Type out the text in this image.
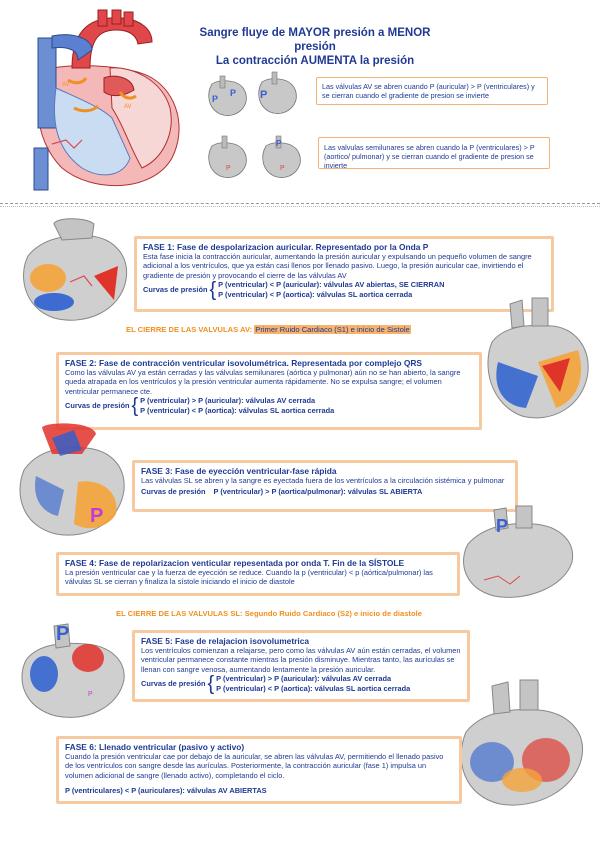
Sangre fluye de MAYOR presión a MENOR presión
La contracción AUMENTA la presión
AV
AV
P
P P
P
P
P
Las válvulas AV se abren cuando P (auricular) > P (ventriculares) y se cierran cuando el gradiente de presion se invierte
Las valvulas semilunares se abren cuando la P (ventriculares) > P (aortico/ pulmonar) y se cierran cuando el gradiente de presion se invierte
FASE 1: Fase de despolarizacion auricular. Representado por la Onda P
Esta fase inicia la contracción auricular, aumentando la presión auricular y expulsando un pequeño volumen de sangre adicional a los ventrículos, que ya están casi llenos por llenado pasivo. Luego, la presión auricular cae, invirtiendo el gradiente de presión y provocando el cierre de las válvulas AV
Curvas de presión { P (ventricular) < P (auricular): válvulas AV abiertas, SE CIERRAN
P (ventricular) < P (aortica): válvulas SL aortica cerrada
EL CIERRE DE LAS VALVULAS AV: Primer Ruido Cardiaco (S1) e inicio de Sistole
FASE 2: Fase de contracción ventricular isovolumétrica. Representada por complejo QRS
Como las válvulas AV ya están cerradas y las válvulas semilunares (aórtica y pulmonar) aún no se han abierto, la sangre queda atrapada en los ventrículos y la presión ventricular aumenta rápidamente. No se expulsa sangre; el volumen ventricular permanece cte.
Curvas de presión { P (ventricular) > P (auricular): válvulas AV cerrada
P (ventricular) < P (aortica): válvulas SL aortica cerrada
P
FASE 3: Fase de eyección ventricular-fase rápida
Las válvulas SL se abren y la sangre es eyectada fuera de los ventrículos a la circulación sistémica y pulmonar
Curvas de presión P (ventricular) > P (aortica/pulmonar): válvulas SL ABIERTA
P
FASE 4: Fase de repolarizacion venticular repesentada por onda T. Fin de la SÍSTOLE
La presión ventricular cae y la fuerza de eyección se reduce. Cuando la p (ventricular) < p (aórtica/pulmonar) las válvulas SL se cierran y finaliza la sístole iniciando el inicio de diastole
EL CIERRE DE LAS VALVULAS SL: Segundo Ruido Cardiaco (S2) e inicio de diastole
P
P
FASE 5: Fase de relajacion isovolumetrica
Los ventrículos comienzan a relajarse, pero como las válvulas AV aún están cerradas, el volumen ventricular permanece constante mientras la presión disminuye. Mientras tanto, las aurículas se llenan con sangre venosa, aumentando lentamente la presión auricular.
Curvas de presión { P (ventricular) > P (auricular): válvulas AV cerrada
P (ventricular) < P (aortica): válvulas SL aortica cerrada
FASE 6: Llenado ventricular (pasivo y activo)
Cuando la presión ventricular cae por debajo de la auricular, se abren las válvulas AV, permitiendo el llenado pasivo de los ventrículos con sangre desde las aurículas. Posteriormente, la contracción auricular (fase 1) impulsa un volumen adicional de sangre (llenado activo), completando el ciclo.
P (ventriculares) < P (auriculares): válvulas AV ABIERTAS
